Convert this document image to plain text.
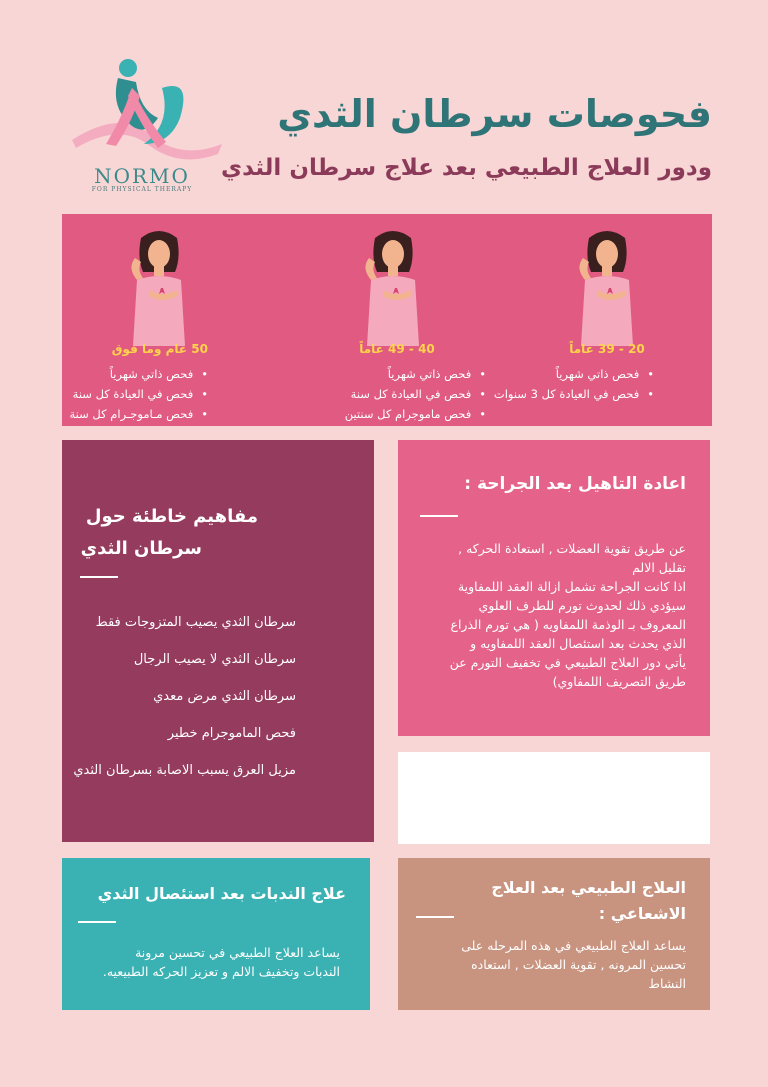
NORMO
FOR PHYSICAL THERAPY
فحوصات سرطان الثدي
ودور العلاج الطبيعي بعد علاج سرطان الثدي
20 - 39 عاماً
• فحص ذاتي شهرياً
• فحص في العيادة كل 3 سنوات
40 - 49 عاماً
• فحص ذاتي شهرياً
• فحص في العيادة كل سنة
• فحص ماموجرام كل سنتين
50 عام وما فوق
• فحص ذاتي شهرياً
• فحص في العيادة كل سنة
• فحص مـاموجـرام كل سنة
مفاهيم خاطئة حول
سرطان الثدي
سرطان الثدي يصيب المتزوجات فقط
سرطان الثدي لا يصيب الرجال
سرطان الثدي مرض معدي
فحص الماموجرام خطير
مزيل العرق يسبب الاصابة بسرطان الثدي
اعادة التاهيل بعد الجراحة :
عن طريق تقوية العضلات , استعادة الحركه ,
تقليل الالم
اذا كانت الجراحة تشمل ازالة العقد اللمفاوية
سيؤدي ذلك لحدوث تورم للطرف العلوي
المعروف بـ الوذمة اللمفاويه ( هي تورم الذراع
الذي يحدث بعد استئصال العقد اللمفاويه و
يأتي دور العلاج الطبيعي في تخفيف التورم عن
طريق التصريف اللمفاوي)
علاج الندبات بعد استئصال الثدي
يساعد العلاج الطبيعي في تحسين مرونة
الندبات وتخفيف الالم و تعزيز الحركه الطبيعيه.
العلاج الطبيعي بعد العلاج
الاشعاعي :
يساعد العلاج الطبيعي في هذه المرحله على
تحسين المرونه , تقوية العضلات , استعاده
النشاط
